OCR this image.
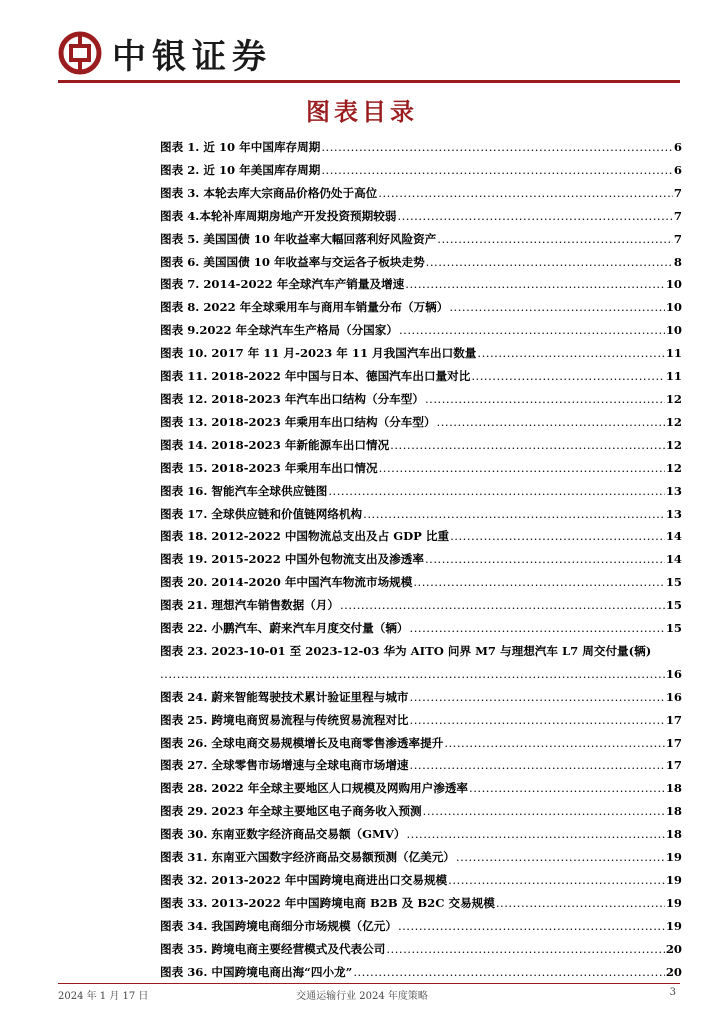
中银证券
图表目录
图表 1. 近 10 年中国库存周期 .....	6
图表 2. 近 10 年美国库存周期 .....	6
图表 3. 本轮去库大宗商品价格仍处于高位 .....	7
图表 4.本轮补库周期房地产开发投资预期较弱 .....	7
图表 5. 美国国债 10 年收益率大幅回落利好风险资产 .....	7
图表 6. 美国国债 10 年收益率与交运各子板块走势 .....	8
图表 7. 2014-2022 年全球汽车产销量及增速 .....	10
图表 8. 2022 年全球乘用车与商用车销量分布（万辆） .....	10
图表 9.2022 年全球汽车生产格局（分国家） .....	10
图表 10. 2017 年 11 月-2023 年 11 月我国汽车出口数量 .....	11
图表 11. 2018-2022 年中国与日本、德国汽车出口量对比 .....	11
图表 12. 2018-2023 年汽车出口结构（分车型） .....	12
图表 13. 2018-2023 年乘用车出口结构（分车型） .....	12
图表 14. 2018-2023 年新能源车出口情况 .....	12
图表 15. 2018-2023 年乘用车出口情况 .....	12
图表 16. 智能汽车全球供应链图 .....	13
图表 17. 全球供应链和价值链网络机构 .....	13
图表 18. 2012-2022 中国物流总支出及占 GDP 比重 .....	14
图表 19. 2015-2022 中国外包物流支出及渗透率 .....	14
图表 20. 2014-2020 年中国汽车物流市场规模 .....	15
图表 21. 理想汽车销售数据（月） .....	15
图表 22. 小鹏汽车、蔚来汽车月度交付量（辆） .....	15
图表 23. 2023-10-01 至 2023-12-03 华为 AITO 问界 M7 与理想汽车 L7 周交付量(辆)
.....
16
图表 24. 蔚来智能驾驶技术累计验证里程与城市 .....	16
图表 25. 跨境电商贸易流程与传统贸易流程对比 .....	17
图表 26. 全球电商交易规模增长及电商零售渗透率提升 .....	17
图表 27. 全球零售市场增速与全球电商市场增速 .....	17
图表 28. 2022 年全球主要地区人口规模及网购用户渗透率 .....	18
图表 29. 2023 年全球主要地区电子商务收入预测 .....	18
图表 30. 东南亚数字经济商品交易额（GMV） .....	18
图表 31. 东南亚六国数字经济商品交易额预测（亿美元） .....	19
图表 32. 2013-2022 年中国跨境电商进出口交易规模 .....	19
图表 33. 2013-2022 年中国跨境电商 B2B 及 B2C 交易规模 .....	19
图表 34. 我国跨境电商细分市场规模（亿元） .....	19
图表 35. 跨境电商主要经营模式及代表公司 .....	20
图表 36. 中国跨境电商出海“四小龙” .....	20
2024 年 1 月 17 日	交通运输行业 2024 年度策略	3
